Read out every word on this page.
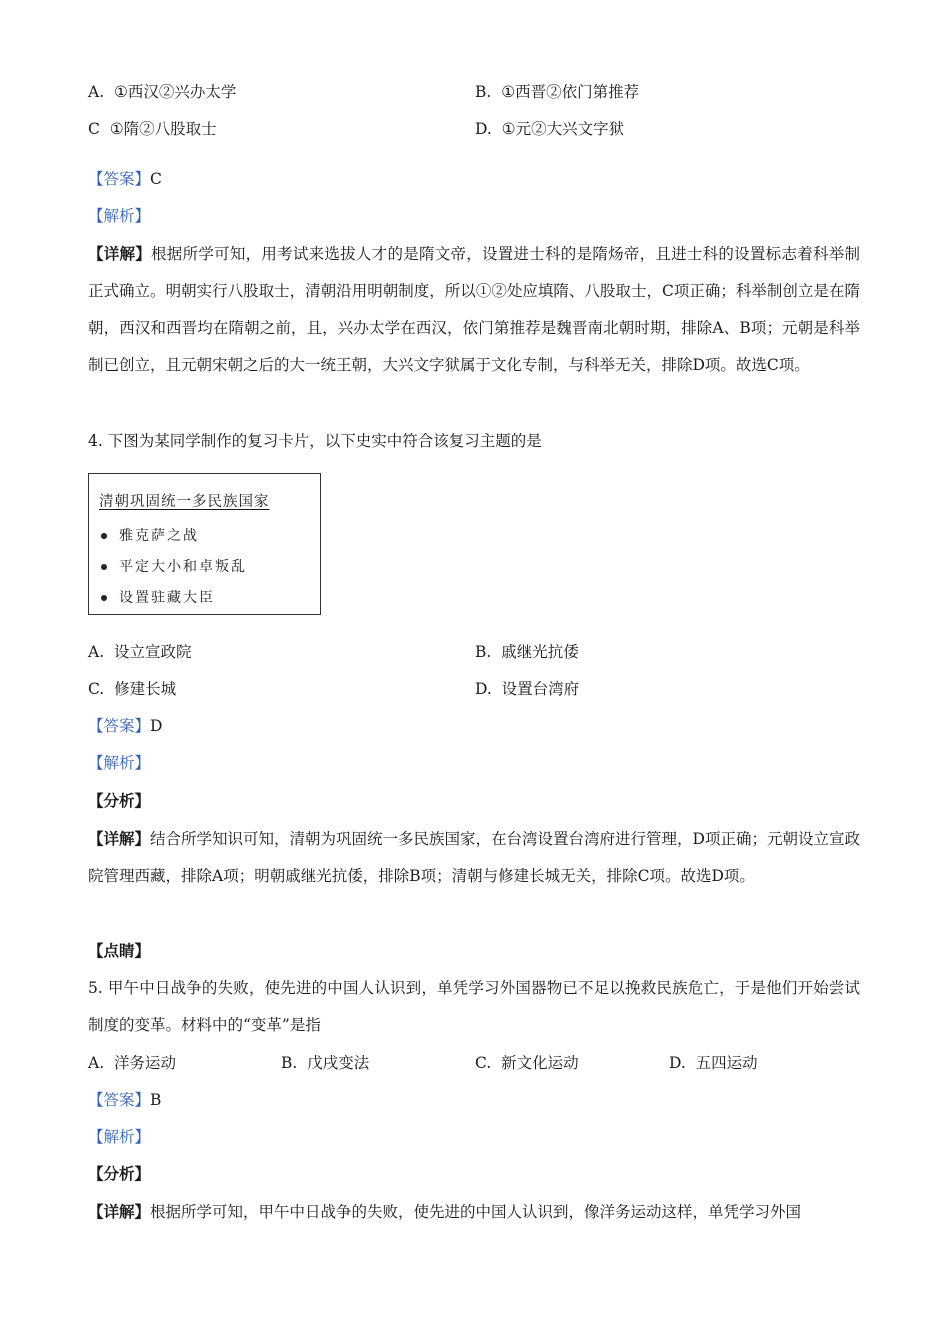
A. ①西汉②兴办太学	B. ①西晋②依门第推荐
C ①隋②八股取士	D. ①元②大兴文字狱
【答案】C
【解析】
【详解】根据所学可知，用考试来选拔人才的是隋文帝，设置进士科的是隋炀帝，且进士科的设置标志着科举制正式确立。明朝实行八股取士，清朝沿用明朝制度，所以①②处应填隋、八股取士，C项正确；科举制创立是在隋朝，西汉和西晋均在隋朝之前，且，兴办太学在西汉，依门第推荐是魏晋南北朝时期，排除A、B项；元朝是科举制已创立，且元朝宋朝之后的大一统王朝，大兴文字狱属于文化专制，与科举无关，排除D项。故选C项。
4. 下图为某同学制作的复习卡片，以下史实中符合该复习主题的是
清朝巩固统一多民族国家
雅克萨之战
平定大小和卓叛乱
设置驻藏大臣
A. 设立宣政院	B. 戚继光抗倭
C. 修建长城	D. 设置台湾府
【答案】D
【解析】
【分析】
【详解】结合所学知识可知，清朝为巩固统一多民族国家，在台湾设置台湾府进行管理，D项正确；元朝设立宣政院管理西藏，排除A项；明朝戚继光抗倭，排除B项；清朝与修建长城无关，排除C项。故选D项。
【点睛】
5. 甲午中日战争的失败，使先进的中国人认识到，单凭学习外国器物已不足以挽救民族危亡，于是他们开始尝试制度的变革。材料中的“变革”是指
A. 洋务运动	B. 戊戌变法	C. 新文化运动	D. 五四运动
【答案】B
【解析】
【分析】
【详解】根据所学可知，甲午中日战争的失败，使先进的中国人认识到，像洋务运动这样，单凭学习外国
